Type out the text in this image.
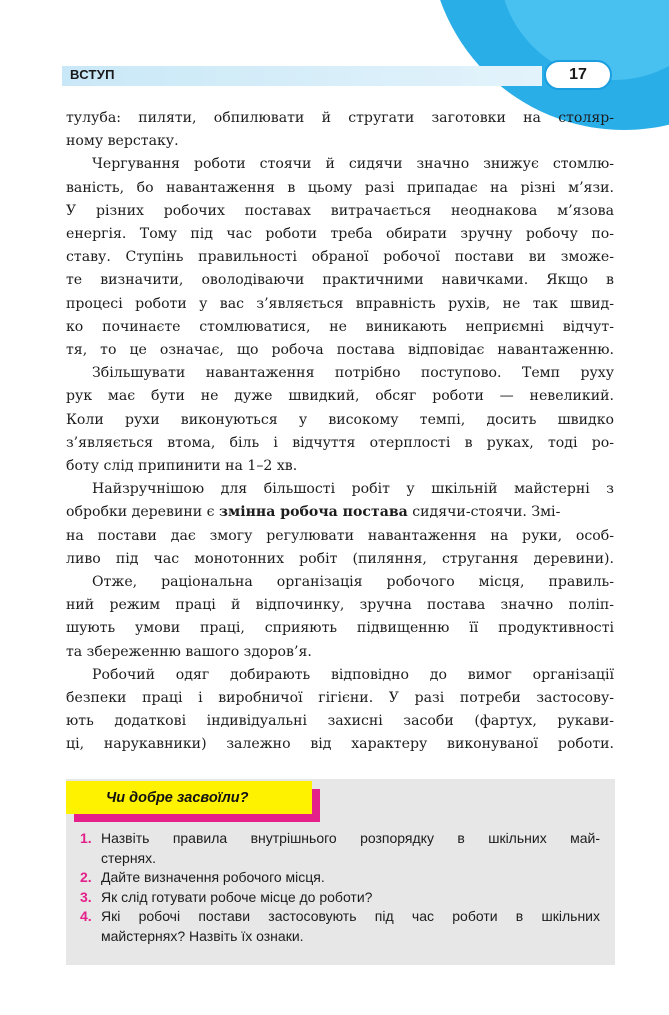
ВСТУП	17
тулуба: пиляти, обпилювати й стругати заготовки на столяр-
ному верстаку.
Чергування роботи стоячи й сидячи значно знижує стомлю-
ваність, бо навантаження в цьому разі припадає на різні м’язи.
У різних робочих поставах витрачається неоднакова м’язова
енергія. Тому під час роботи треба обирати зручну робочу по-
ставу. Ступінь правильності обраної робочої постави ви зможе-
те визначити, оволодіваючи практичними навичками. Якщо в
процесі роботи у вас з’являється вправність рухів, не так швид-
ко починаєте стомлюватися, не виникають неприємні відчут-
тя, то це означає, що робоча постава відповідає навантаженню.
Збільшувати навантаження потрібно поступово. Темп руху
рук має бути не дуже швидкий, обсяг роботи — невеликий.
Коли рухи виконуються у високому темпі, досить швидко
з’являється втома, біль і відчуття отерплості в руках, тоді ро-
боту слід припинити на 1–2 хв.
Найзручнішою для більшості робіт у шкільній майстерні з
обробки деревини є змінна робоча постава сидячи-стоячи. Змі-
на постави дає змогу регулювати навантаження на руки, особ-
ливо під час монотонних робіт (пиляння, стругання деревини).
Отже, раціональна організація робочого місця, правиль-
ний режим праці й відпочинку, зручна постава значно поліп-
шують умови праці, сприяють підвищенню її продуктивності
та збереженню вашого здоров’я.
Робочий одяг добирають відповідно до вимог організації
безпеки праці і виробничої гігієни. У разі потреби застосову-
ють додаткові індивідуальні захисні засоби (фартух, рукави-
ці, нарукавники) залежно від характеру виконуваної роботи.
Чи добре засвоїли?
1. Назвіть правила внутрішнього розпорядку в шкільних май-
стернях.
2. Дайте визначення робочого місця.
3. Як слід готувати робоче місце до роботи?
4. Які робочі постави застосовують під час роботи в шкільних
майстернях? Назвіть їх ознаки.
